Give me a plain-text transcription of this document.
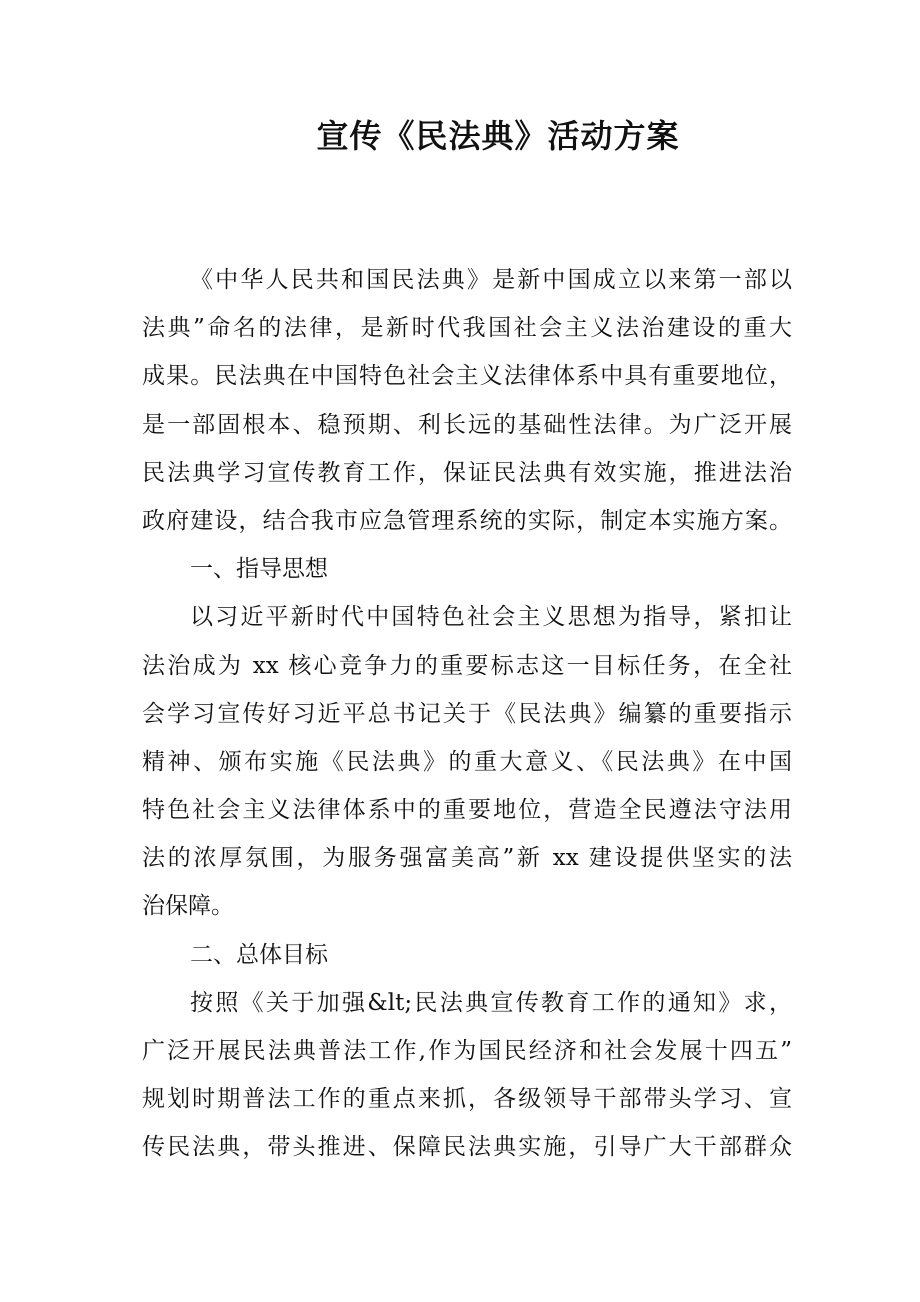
宣传《民法典》活动方案
《中华人民共和国民法典》是新中国成立以来第一部以
法典”命名的法律，是新时代我国社会主义法治建设的重大
成果。民法典在中国特色社会主义法律体系中具有重要地位，
是一部固根本、稳预期、利长远的基础性法律。为广泛开展
民法典学习宣传教育工作，保证民法典有效实施，推进法治
政府建设，结合我市应急管理系统的实际，制定本实施方案。
一、指导思想
以习近平新时代中国特色社会主义思想为指导，紧扣让
法治成为 xx 核心竞争力的重要标志这一目标任务，在全社
会学习宣传好习近平总书记关于《民法典》编纂的重要指示
精神、颁布实施《民法典》的重大意义、《民法典》在中国
特色社会主义法律体系中的重要地位，营造全民遵法守法用
法的浓厚氛围，为服务强富美高”新 xx 建设提供坚实的法
治保障。
二、总体目标
按照《关于加强&lt;民法典宣传教育工作的通知》求，
广泛开展民法典普法工作,作为国民经济和社会发展十四五”
规划时期普法工作的重点来抓，各级领导干部带头学习、宣
传民法典，带头推进、保障民法典实施，引导广大干部群众
